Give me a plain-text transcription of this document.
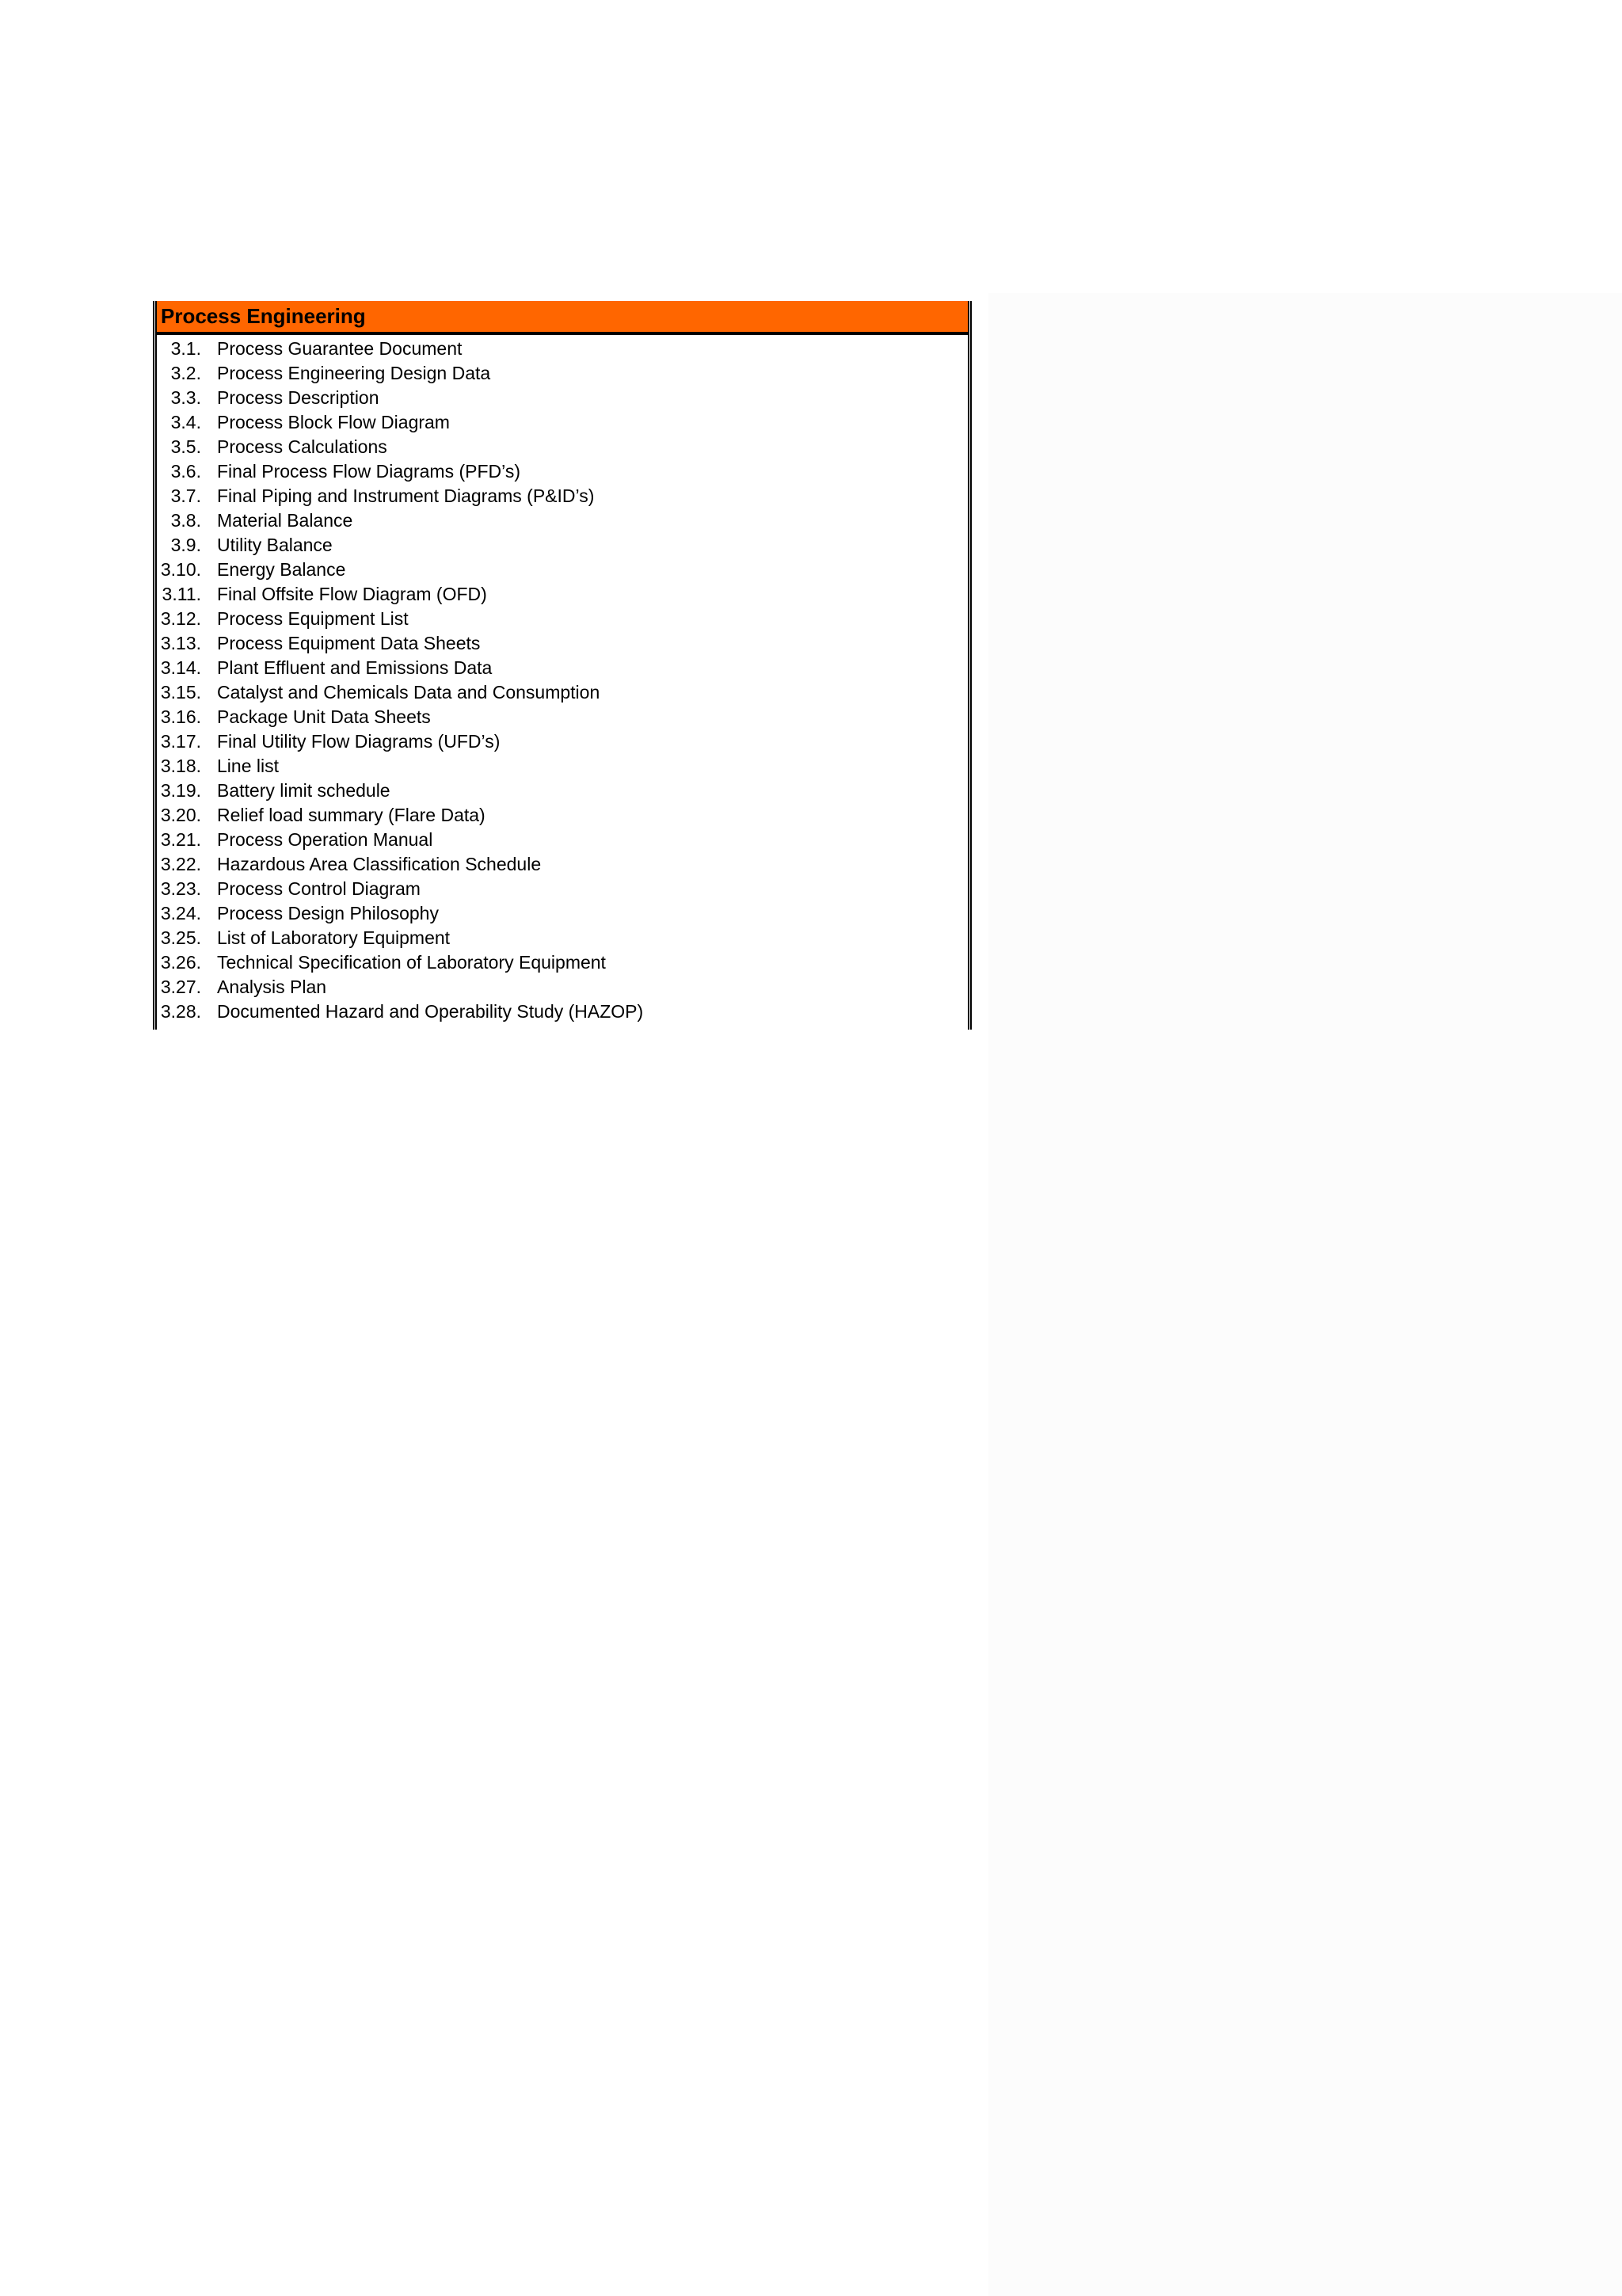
Process Engineering
3.1. Process Guarantee Document
3.2. Process Engineering Design Data
3.3. Process Description
3.4. Process Block Flow Diagram
3.5. Process Calculations
3.6. Final Process Flow Diagrams (PFD’s)
3.7. Final Piping and Instrument Diagrams (P&ID’s)
3.8. Material Balance
3.9. Utility Balance
3.10. Energy Balance
3.11. Final Offsite Flow Diagram (OFD)
3.12. Process Equipment List
3.13. Process Equipment Data Sheets
3.14. Plant Effluent and Emissions Data
3.15. Catalyst and Chemicals Data and Consumption
3.16. Package Unit Data Sheets
3.17. Final Utility Flow Diagrams (UFD’s)
3.18. Line list
3.19. Battery limit schedule
3.20. Relief load summary (Flare Data)
3.21. Process Operation Manual
3.22. Hazardous Area Classification Schedule
3.23. Process Control Diagram
3.24. Process Design Philosophy
3.25. List of Laboratory Equipment
3.26. Technical Specification of Laboratory Equipment
3.27. Analysis Plan
3.28. Documented Hazard and Operability Study (HAZOP)
